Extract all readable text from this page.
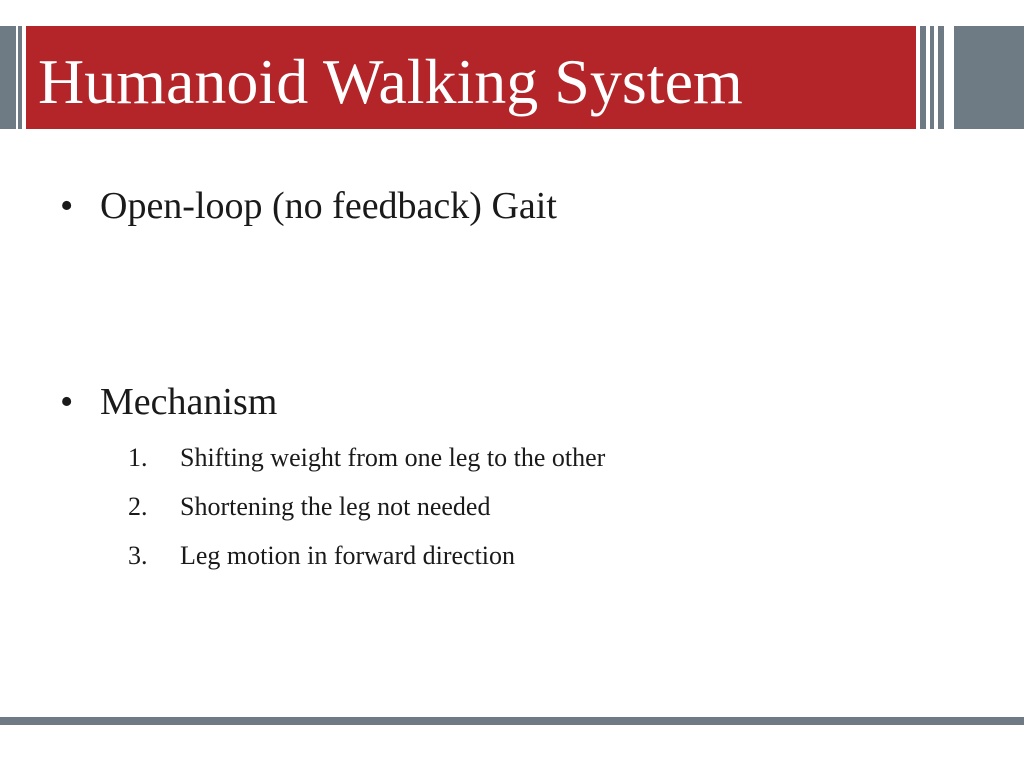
Humanoid Walking System
• Open-loop (no feedback) Gait
• Mechanism
1. Shifting weight from one leg to the other
2. Shortening the leg not needed
3. Leg motion in forward direction
